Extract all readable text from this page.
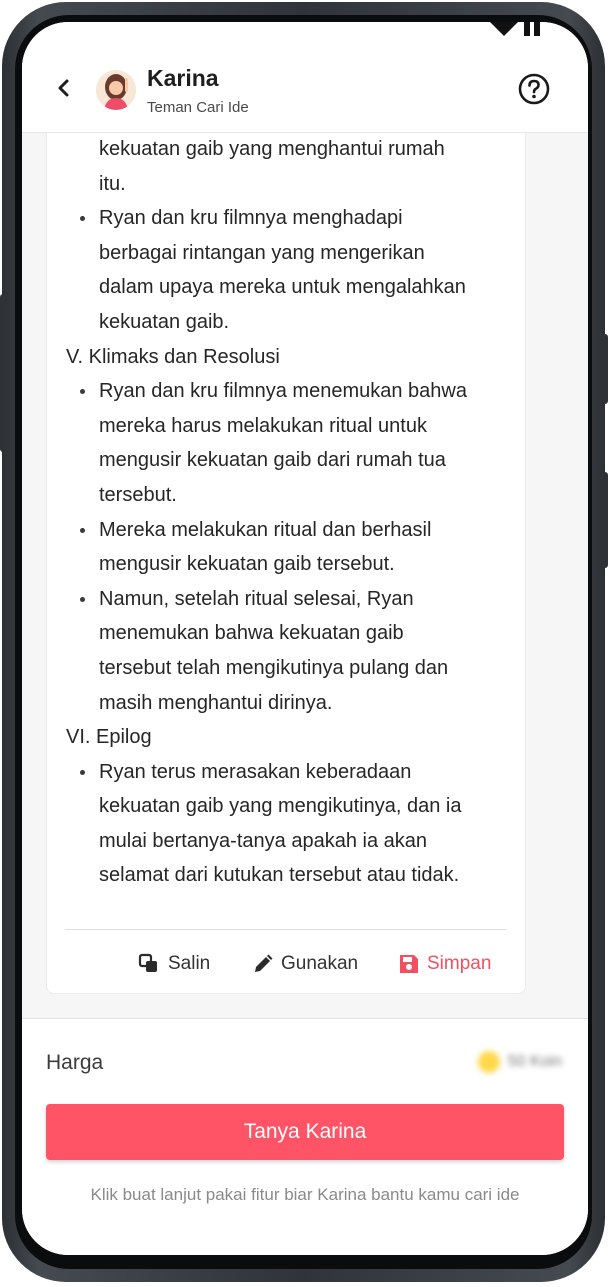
kekuatan gaib yang menghantui rumah
itu.
Ryan dan kru filmnya menghadapi
berbagai rintangan yang mengerikan
dalam upaya mereka untuk mengalahkan
kekuatan gaib.
V. Klimaks dan Resolusi
Ryan dan kru filmnya menemukan bahwa
mereka harus melakukan ritual untuk
mengusir kekuatan gaib dari rumah tua
tersebut.
Mereka melakukan ritual dan berhasil
mengusir kekuatan gaib tersebut.
Namun, setelah ritual selesai, Ryan
menemukan bahwa kekuatan gaib
tersebut telah mengikutinya pulang dan
masih menghantui dirinya.
VI. Epilog
Ryan terus merasakan keberadaan
kekuatan gaib yang mengikutinya, dan ia
mulai bertanya-tanya apakah ia akan
selamat dari kutukan tersebut atau tidak.
Salin	Gunakan	Simpan
Karina
Teman Cari Ide
Harga	50 Koin
Tanya Karina
Klik buat lanjut pakai fitur biar Karina bantu kamu cari ide
